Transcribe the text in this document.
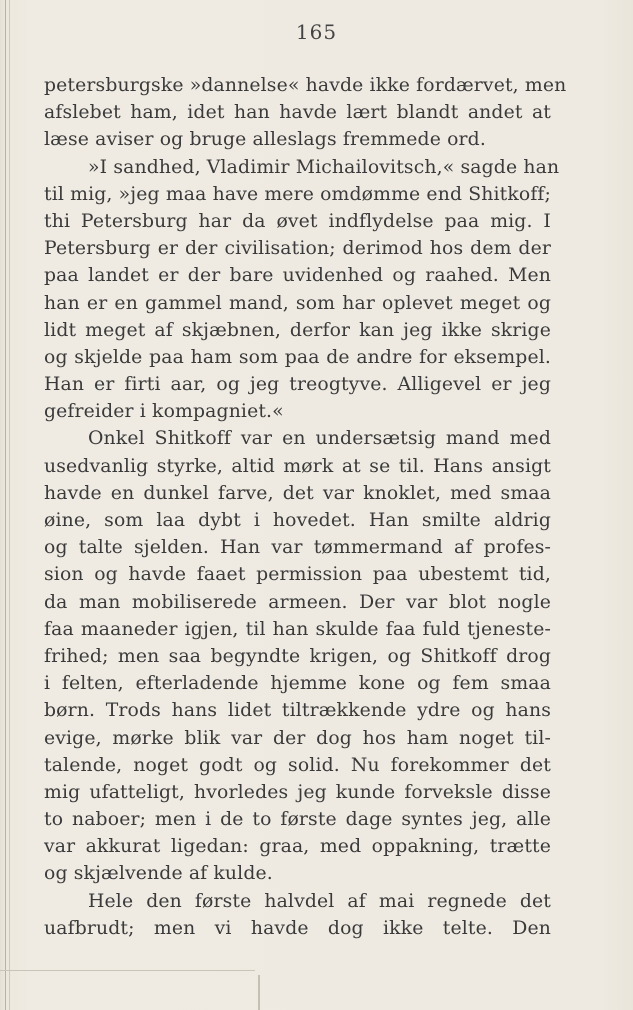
165
petersburgske »dannelse« havde ikke fordærvet, men
afslebet ham, idet han havde lært blandt andet at
læse aviser og bruge alleslags fremmede ord.
»I sandhed, Vladimir Michailovitsch,« sagde han
til mig, »jeg maa have mere omdømme end Shitkoff;
thi Petersburg har da øvet indflydelse paa mig. I
Petersburg er der civilisation; derimod hos dem der
paa landet er der bare uvidenhed og raahed. Men
han er en gammel mand, som har oplevet meget og
lidt meget af skjæbnen, derfor kan jeg ikke skrige
og skjelde paa ham som paa de andre for eksempel.
Han er firti aar, og jeg treogtyve. Alligevel er jeg
gefreider i kompagniet.«
Onkel Shitkoff var en undersætsig mand med
usedvanlig styrke, altid mørk at se til. Hans ansigt
havde en dunkel farve, det var knoklet, med smaa
øine, som laa dybt i hovedet. Han smilte aldrig
og talte sjelden. Han var tømmermand af profes-
sion og havde faaet permission paa ubestemt tid,
da man mobiliserede armeen. Der var blot nogle
faa maaneder igjen, til han skulde faa fuld tjeneste-
frihed; men saa begyndte krigen, og Shitkoff drog
i felten, efterladende hjemme kone og fem smaa
børn. Trods hans lidet tiltrækkende ydre og hans
evige, mørke blik var der dog hos ham noget til-
talende, noget godt og solid. Nu forekommer det
mig ufatteligt, hvorledes jeg kunde forveksle disse
to naboer; men i de to første dage syntes jeg, alle
var akkurat ligedan: graa, med oppakning, trætte
og skjælvende af kulde.
Hele den første halvdel af mai regnede det
uafbrudt; men vi havde dog ikke telte. Den
